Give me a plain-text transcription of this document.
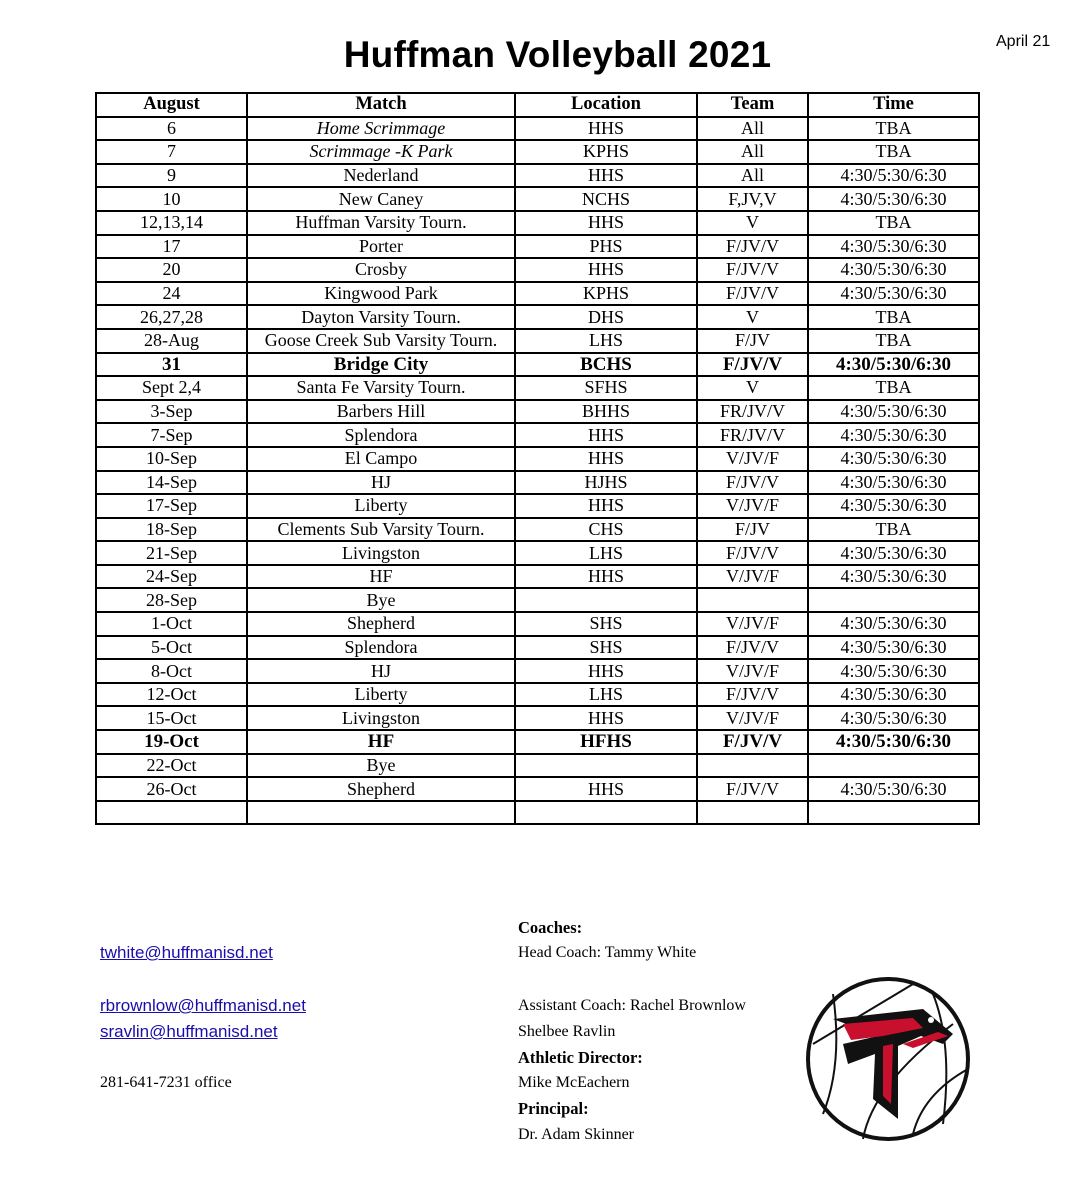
Huffman Volleyball 2021	April 21
August	Match	Location	Team	Time
6	Home Scrimmage	HHS	All	TBA
7	Scrimmage -K Park	KPHS	All	TBA
9	Nederland	HHS	All	4:30/5:30/6:30
10	New Caney	NCHS	F,JV,V	4:30/5:30/6:30
12,13,14	Huffman Varsity Tourn.	HHS	V	TBA
17	Porter	PHS	F/JV/V	4:30/5:30/6:30
20	Crosby	HHS	F/JV/V	4:30/5:30/6:30
24	Kingwood Park	KPHS	F/JV/V	4:30/5:30/6:30
26,27,28	Dayton Varsity Tourn.	DHS	V	TBA
28-Aug	Goose Creek Sub Varsity Tourn.	LHS	F/JV	TBA
31	Bridge City	BCHS	F/JV/V	4:30/5:30/6:30
Sept 2,4	Santa Fe Varsity Tourn.	SFHS	V	TBA
3-Sep	Barbers Hill	BHHS	FR/JV/V	4:30/5:30/6:30
7-Sep	Splendora	HHS	FR/JV/V	4:30/5:30/6:30
10-Sep	El Campo	HHS	V/JV/F	4:30/5:30/6:30
14-Sep	HJ	HJHS	F/JV/V	4:30/5:30/6:30
17-Sep	Liberty	HHS	V/JV/F	4:30/5:30/6:30
18-Sep	Clements Sub Varsity Tourn.	CHS	F/JV	TBA
21-Sep	Livingston	LHS	F/JV/V	4:30/5:30/6:30
24-Sep	HF	HHS	V/JV/F	4:30/5:30/6:30
28-Sep	Bye			
1-Oct	Shepherd	SHS	V/JV/F	4:30/5:30/6:30
5-Oct	Splendora	SHS	F/JV/V	4:30/5:30/6:30
8-Oct	HJ	HHS	V/JV/F	4:30/5:30/6:30
12-Oct	Liberty	LHS	F/JV/V	4:30/5:30/6:30
15-Oct	Livingston	HHS	V/JV/F	4:30/5:30/6:30
19-Oct	HF	HFHS	F/JV/V	4:30/5:30/6:30
22-Oct	Bye			
26-Oct	Shepherd	HHS	F/JV/V	4:30/5:30/6:30

twhite@huffmanisd.net
rbrownlow@huffmanisd.net
sravlin@huffmanisd.net
281-641-7231 office
Coaches:
Head Coach: Tammy White
Assistant Coach: Rachel Brownlow
Shelbee Ravlin
Athletic Director:
Mike McEachern
Principal:
Dr. Adam Skinner
